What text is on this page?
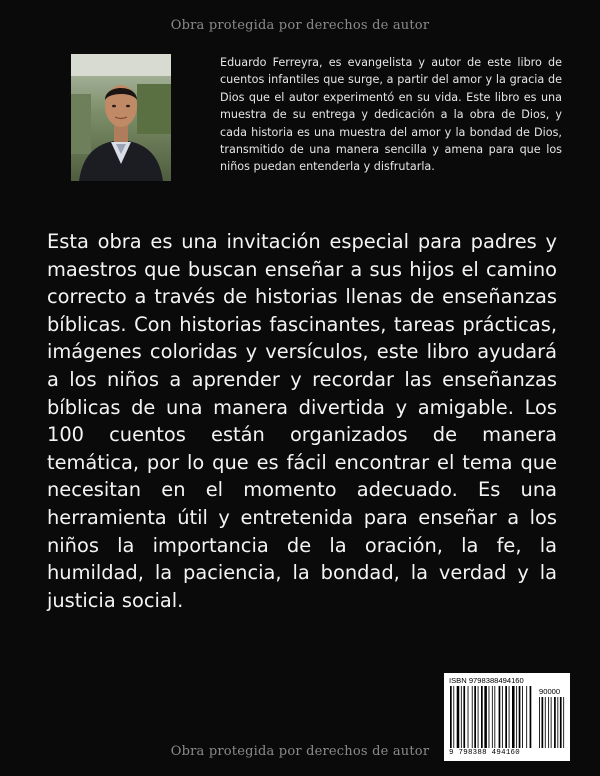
Obra protegida por derechos de autor

Eduardo Ferreyra, es evangelista y autor de este libro de cuentos infantiles que surge, a partir del amor y la gracia de Dios que el autor experimentó en su vida. Este libro es una muestra de su entrega y dedicación a la obra de Dios, y cada historia es una muestra del amor y la bondad de Dios, transmitido de una manera sencilla y amena para que los niños puedan entenderla y disfrutarla.

Esta obra es una invitación especial para padres y maestros que buscan enseñar a sus hijos el camino correcto a través de historias llenas de enseñanzas bíblicas. Con historias fascinantes, tareas prácticas, imágenes coloridas y versículos, este libro ayudará a los niños a aprender y recordar las enseñanzas bíblicas de una manera divertida y amigable. Los 100 cuentos están organizados de manera temática, por lo que es fácil encontrar el tema que necesitan en el momento adecuado. Es una herramienta útil y entretenida para enseñar a los niños la importancia de la oración, la fe, la humildad, la paciencia, la bondad, la verdad y la justicia social.

ISBN 9798388494160
90000
9 798388 494160
Obra protegida por derechos de autor
